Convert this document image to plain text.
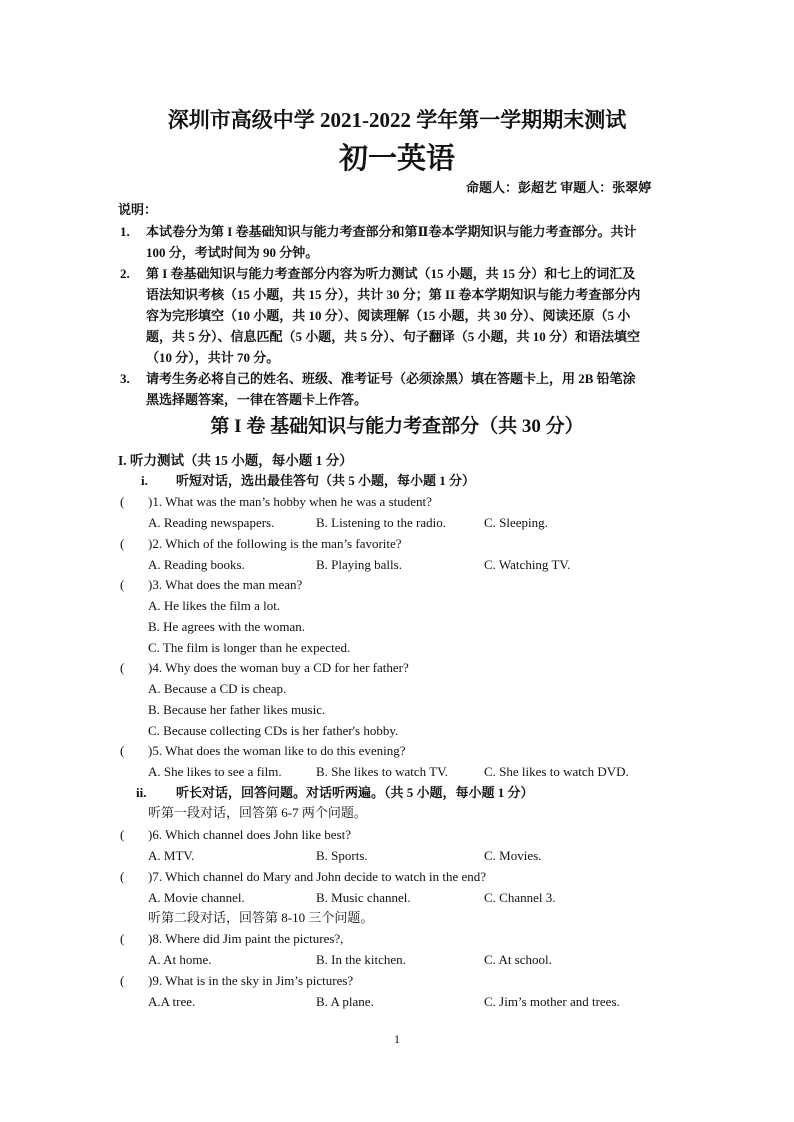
深圳市高级中学 2021-2022 学年第一学期期末测试
初一英语
命题人：彭超艺 审题人：张翠婷
说明：
1. 本试卷分为第 I 卷基础知识与能力考查部分和第Ⅱ卷本学期知识与能力考查部分。共计
100 分，考试时间为 90 分钟。
2. 第 I 卷基础知识与能力考查部分内容为听力测试（15 小题，共 15 分）和七上的词汇及
语法知识考核（15 小题，共 15 分），共计 30 分；第 II 卷本学期知识与能力考查部分内
容为完形填空（10 小题，共 10 分）、阅读理解（15 小题，共 30 分）、阅读还原（5 小
题，共 5 分）、信息匹配（5 小题，共 5 分）、句子翻译（5 小题，共 10 分）和语法填空
（10 分），共计 70 分。
3. 请考生务必将自己的姓名、班级、准考证号（必须涂黑）填在答题卡上，用 2B 铅笔涂
黑选择题答案，一律在答题卡上作答。
第 I 卷 基础知识与能力考查部分（共 30 分）
I. 听力测试（共 15 小题，每小题 1 分）
i. 听短对话，选出最佳答句（共 5 小题，每小题 1 分）
( )1. What was the man’s hobby when he was a student?
A. Reading newspapers.	B. Listening to the radio.	C. Sleeping.
( )2. Which of the following is the man’s favorite?
A. Reading books.	B. Playing balls.	C. Watching TV.
( )3. What does the man mean?
A. He likes the film a lot.
B. He agrees with the woman.
C. The film is longer than he expected.
( )4. Why does the woman buy a CD for her father?
A. Because a CD is cheap.
B. Because her father likes music.
C. Because collecting CDs is her father's hobby.
( )5. What does the woman like to do this evening?
A. She likes to see a film.	B. She likes to watch TV.	C. She likes to watch DVD.
ii. 听长对话，回答问题。对话听两遍。（共 5 小题，每小题 1 分）
听第一段对话，回答第 6-7 两个问题。
( )6. Which channel does John like best?
A. MTV.	B. Sports.	C. Movies.
( )7. Which channel do Mary and John decide to watch in the end?
A. Movie channel.	B. Music channel.	C. Channel 3.
听第二段对话，回答第 8-10 三个问题。
( )8. Where did Jim paint the pictures?,
A. At home.	B. In the kitchen.	C. At school.
( )9. What is in the sky in Jim’s pictures?
A.A tree.	B. A plane.	C. Jim’s mother and trees.
1
